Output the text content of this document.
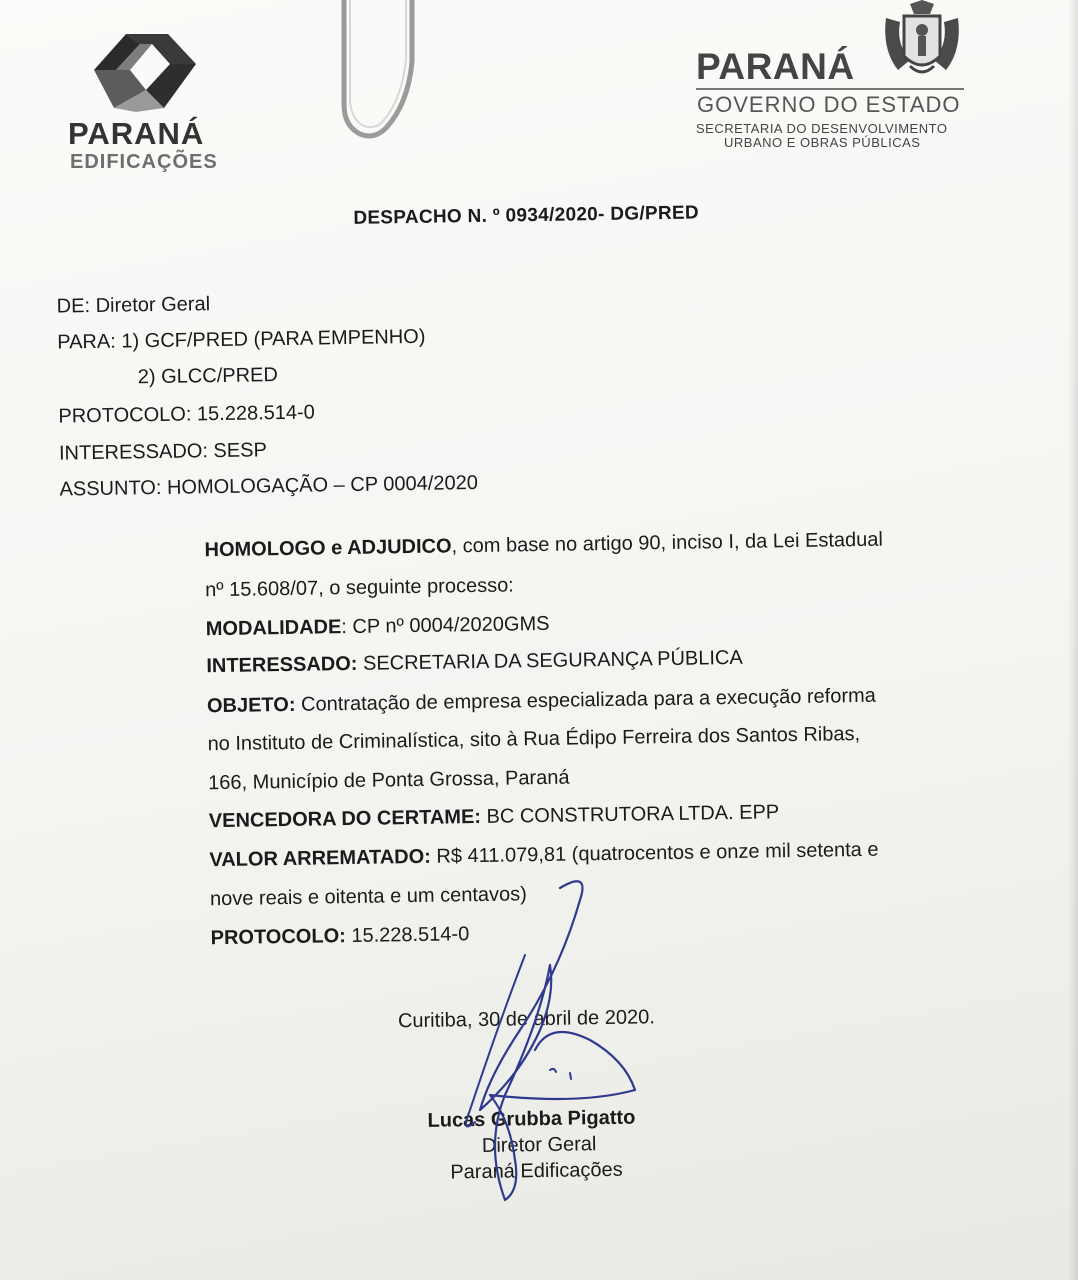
PARANÁ
EDIFICAÇÕES
PARANÁ
GOVERNO DO ESTADO
SECRETARIA DO DESENVOLVIMENTO
URBANO E OBRAS PÚBLICAS
DESPACHO N. º 0934/2020- DG/PRED
DE: Diretor Geral
PARA: 1) GCF/PRED (PARA EMPENHO)
2) GLCC/PRED
PROTOCOLO: 15.228.514-0
INTERESSADO: SESP
ASSUNTO: HOMOLOGAÇÃO – CP 0004/2020
HOMOLOGO e ADJUDICO, com base no artigo 90, inciso I, da Lei Estadual
nº 15.608/07, o seguinte processo:
MODALIDADE: CP nº 0004/2020GMS
INTERESSADO: SECRETARIA DA SEGURANÇA PÚBLICA
OBJETO: Contratação de empresa especializada para a execução reforma
no Instituto de Criminalística, sito à Rua Édipo Ferreira dos Santos Ribas,
166, Município de Ponta Grossa, Paraná
VENCEDORA DO CERTAME: BC CONSTRUTORA LTDA. EPP
VALOR ARREMATADO: R$ 411.079,81 (quatrocentos e onze mil setenta e
nove reais e oitenta e um centavos)
PROTOCOLO: 15.228.514-0
Curitiba, 30 de abril de 2020.
Lucas Grubba Pigatto
Diretor Geral
Paraná Edificações
